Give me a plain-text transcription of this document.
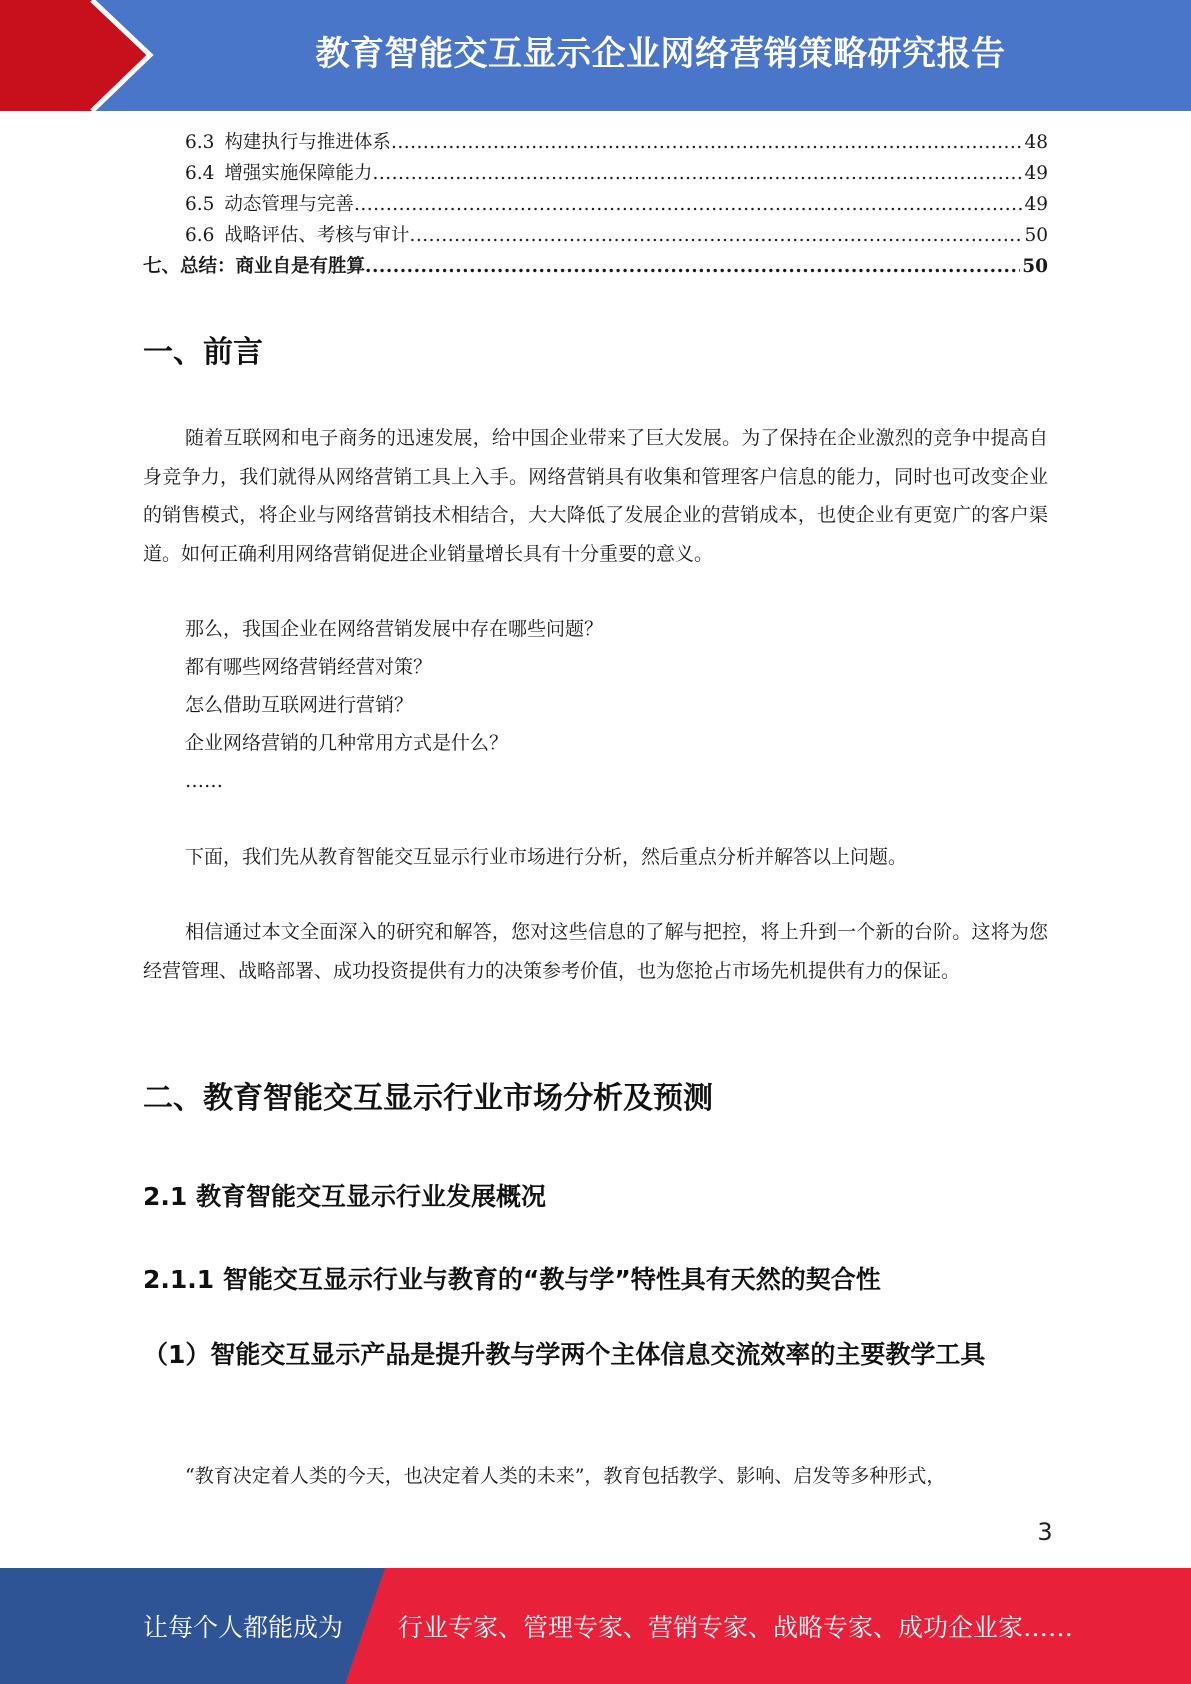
教育智能交互显示企业网络营销策略研究报告
6.3 构建执行与推进体系 .....	48
6.4 增强实施保障能力 .....	49
6.5 动态管理与完善 .....	49
6.6 战略评估、考核与审计 .....	50
七、总结：商业自是有胜算 .....	50
一、前言
随着互联网和电子商务的迅速发展，给中国企业带来了巨大发展。为了保持在企业激烈的竞争中提高自身竞争力，我们就得从网络营销工具上入手。网络营销具有收集和管理客户信息的能力，同时也可改变企业的销售模式，将企业与网络营销技术相结合，大大降低了发展企业的营销成本，也使企业有更宽广的客户渠道。如何正确利用网络营销促进企业销量增长具有十分重要的意义。
那么，我国企业在网络营销发展中存在哪些问题？
都有哪些网络营销经营对策？
怎么借助互联网进行营销？
企业网络营销的几种常用方式是什么？
……
下面，我们先从教育智能交互显示行业市场进行分析，然后重点分析并解答以上问题。
相信通过本文全面深入的研究和解答，您对这些信息的了解与把控，将上升到一个新的台阶。这将为您经营管理、战略部署、成功投资提供有力的决策参考价值，也为您抢占市场先机提供有力的保证。
二、教育智能交互显示行业市场分析及预测
2.1 教育智能交互显示行业发展概况
2.1.1 智能交互显示行业与教育的“教与学”特性具有天然的契合性
（1）智能交互显示产品是提升教与学两个主体信息交流效率的主要教学工具
“教育决定着人类的今天，也决定着人类的未来”，教育包括教学、影响、启发等多种形式，
3
让每个人都能成为 行业专家、管理专家、营销专家、战略专家、成功企业家……
